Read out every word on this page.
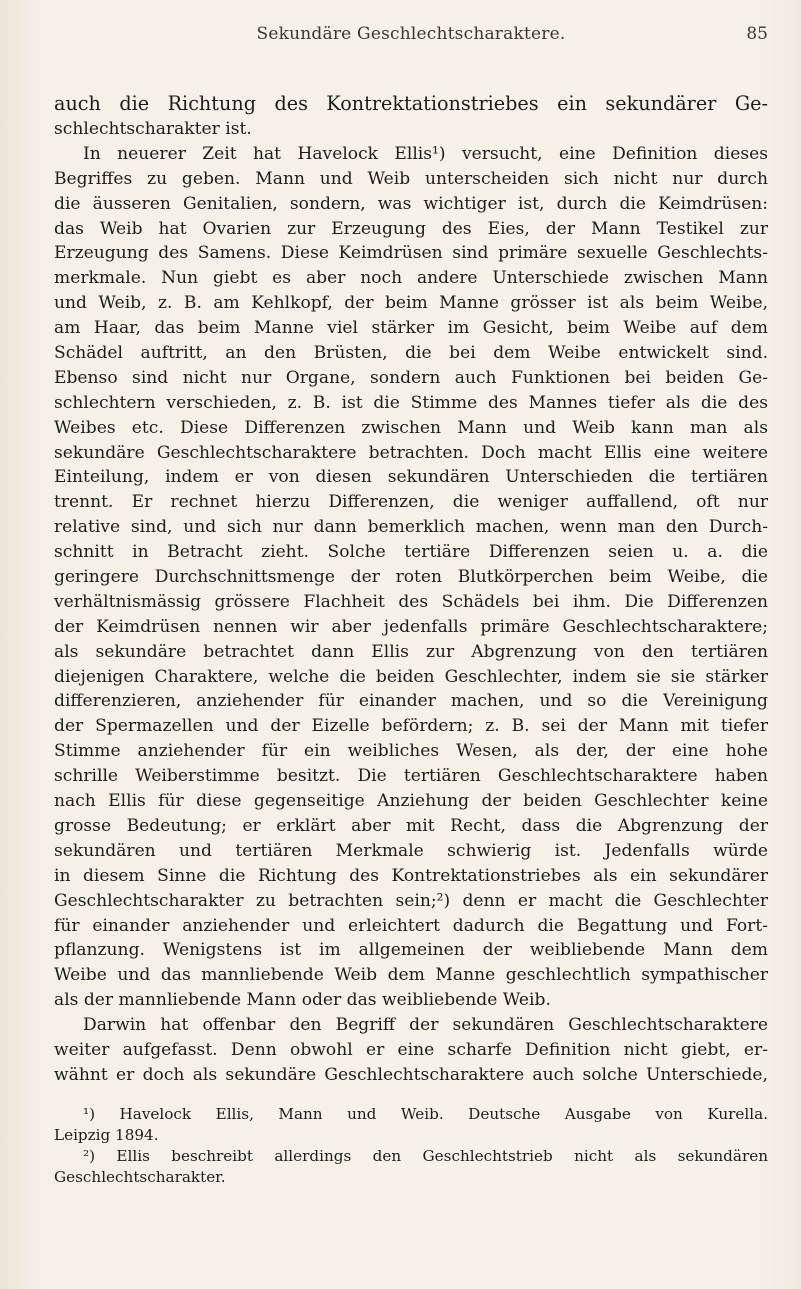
Sekundäre Geschlechtscharaktere.	85
auch die Richtung des Kontrektationstriebes ein sekundärer Ge-
schlechtscharakter ist.
In neuerer Zeit hat Havelock Ellis¹) versucht, eine Definition dieses
Begriffes zu geben. Mann und Weib unterscheiden sich nicht nur durch
die äusseren Genitalien, sondern, was wichtiger ist, durch die Keimdrüsen:
das Weib hat Ovarien zur Erzeugung des Eies, der Mann Testikel zur
Erzeugung des Samens. Diese Keimdrüsen sind primäre sexuelle Geschlechts-
merkmale. Nun giebt es aber noch andere Unterschiede zwischen Mann
und Weib, z. B. am Kehlkopf, der beim Manne grösser ist als beim Weibe,
am Haar, das beim Manne viel stärker im Gesicht, beim Weibe auf dem
Schädel auftritt, an den Brüsten, die bei dem Weibe entwickelt sind.
Ebenso sind nicht nur Organe, sondern auch Funktionen bei beiden Ge-
schlechtern verschieden, z. B. ist die Stimme des Mannes tiefer als die des
Weibes etc. Diese Differenzen zwischen Mann und Weib kann man als
sekundäre Geschlechtscharaktere betrachten. Doch macht Ellis eine weitere
Einteilung, indem er von diesen sekundären Unterschieden die tertiären
trennt. Er rechnet hierzu Differenzen, die weniger auffallend, oft nur
relative sind, und sich nur dann bemerklich machen, wenn man den Durch-
schnitt in Betracht zieht. Solche tertiäre Differenzen seien u. a. die
geringere Durchschnittsmenge der roten Blutkörperchen beim Weibe, die
verhältnismässig grössere Flachheit des Schädels bei ihm. Die Differenzen
der Keimdrüsen nennen wir aber jedenfalls primäre Geschlechtscharaktere;
als sekundäre betrachtet dann Ellis zur Abgrenzung von den tertiären
diejenigen Charaktere, welche die beiden Geschlechter, indem sie sie stärker
differenzieren, anziehender für einander machen, und so die Vereinigung
der Spermazellen und der Eizelle befördern; z. B. sei der Mann mit tiefer
Stimme anziehender für ein weibliches Wesen, als der, der eine hohe
schrille Weiberstimme besitzt. Die tertiären Geschlechtscharaktere haben
nach Ellis für diese gegenseitige Anziehung der beiden Geschlechter keine
grosse Bedeutung; er erklärt aber mit Recht, dass die Abgrenzung der
sekundären und tertiären Merkmale schwierig ist. Jedenfalls würde
in diesem Sinne die Richtung des Kontrektationstriebes als ein sekundärer
Geschlechtscharakter zu betrachten sein;²) denn er macht die Geschlechter
für einander anziehender und erleichtert dadurch die Begattung und Fort-
pflanzung. Wenigstens ist im allgemeinen der weibliebende Mann dem
Weibe und das mannliebende Weib dem Manne geschlechtlich sympathischer
als der mannliebende Mann oder das weibliebende Weib.
Darwin hat offenbar den Begriff der sekundären Geschlechtscharaktere
weiter aufgefasst. Denn obwohl er eine scharfe Definition nicht giebt, er-
wähnt er doch als sekundäre Geschlechtscharaktere auch solche Unterschiede,
¹) Havelock Ellis, Mann und Weib. Deutsche Ausgabe von Kurella.
Leipzig 1894.
²) Ellis beschreibt allerdings den Geschlechtstrieb nicht als sekundären
Geschlechtscharakter.
